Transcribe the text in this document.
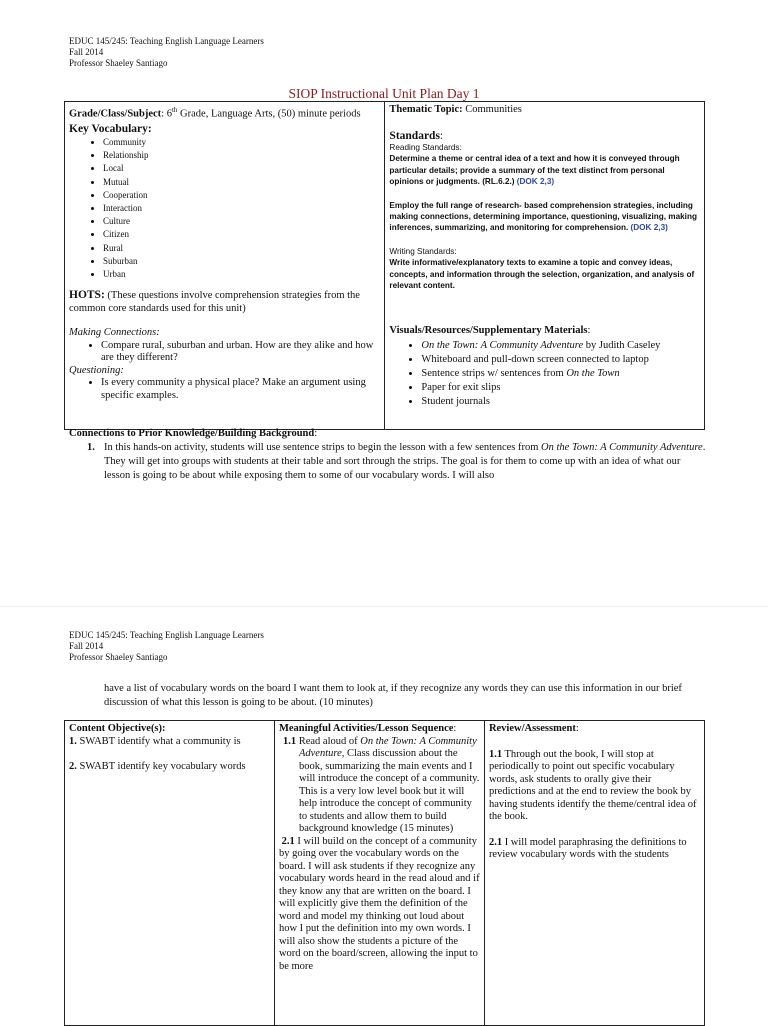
EDUC 145/245: Teaching English Language Learners
Fall 2014
Professor Shaeley Santiago
SIOP Instructional Unit Plan Day 1
Grade/Class/Subject: 6th Grade, Language Arts, (50) minute periods
Key Vocabulary:
• Community
• Relationship
• Local
• Mutual
• Cooperation
• Interaction
• Culture
• Citizen
• Rural
• Suburban
• Urban
HOTS: (These questions involve comprehension strategies from the common core standards used for this unit)
Making Connections:
• Compare rural, suburban and urban. How are they alike and how are they different?
Questioning:
• Is every community a physical place? Make an argument using specific examples.

Thematic Topic: Communities
Standards:
Reading Standards:
Determine a theme or central idea of a text and how it is conveyed through particular details; provide a summary of the text distinct from personal opinions or judgments. (RL.6.2.) (DOK 2,3)
Employ the full range of research- based comprehension strategies, including making connections, determining importance, questioning, visualizing, making inferences, summarizing, and monitoring for comprehension. (DOK 2,3)
Writing Standards:
Write informative/explanatory texts to examine a topic and convey ideas, concepts, and information through the selection, organization, and analysis of relevant content.
Visuals/Resources/Supplementary Materials:
• On the Town: A Community Adventure by Judith Caseley
• Whiteboard and pull-down screen connected to laptop
• Sentence strips w/ sentences from On the Town
• Paper for exit slips
• Student journals
Connections to Prior Knowledge/Building Background:
1. In this hands-on activity, students will use sentence strips to begin the lesson with a few sentences from On the Town: A Community Adventure. They will get into groups with students at their table and sort through the strips. The goal is for them to come up with an idea of what our lesson is going to be about while exposing them to some of our vocabulary words. I will also
EDUC 145/245: Teaching English Language Learners
Fall 2014
Professor Shaeley Santiago
have a list of vocabulary words on the board I want them to look at, if they recognize any words they can use this information in our brief discussion of what this lesson is going to be about. (10 minutes)
Content Objective(s):
1. SWABT identify what a community is
2. SWABT identify key vocabulary words

Meaningful Activities/Lesson Sequence:
1.1 Read aloud of On the Town: A Community Adventure, Class discussion about the book, summarizing the main events and I will introduce the concept of a community. This is a very low level book but it will help introduce the concept of community to students and allow them to build background knowledge (15 minutes)
2.1 I will build on the concept of a community by going over the vocabulary words on the board. I will ask students if they recognize any vocabulary words heard in the read aloud and if they know any that are written on the board. I will explicitly give them the definition of the word and model my thinking out loud about how I put the definition into my own words. I will also show the students a picture of the word on the board/screen, allowing the input to be more

Review/Assessment:
1.1 Through out the book, I will stop at periodically to point out specific vocabulary words, ask students to orally give their predictions and at the end to review the book by having students identify the theme/central idea of the book.
2.1 I will model paraphrasing the definitions to review vocabulary words with the students
